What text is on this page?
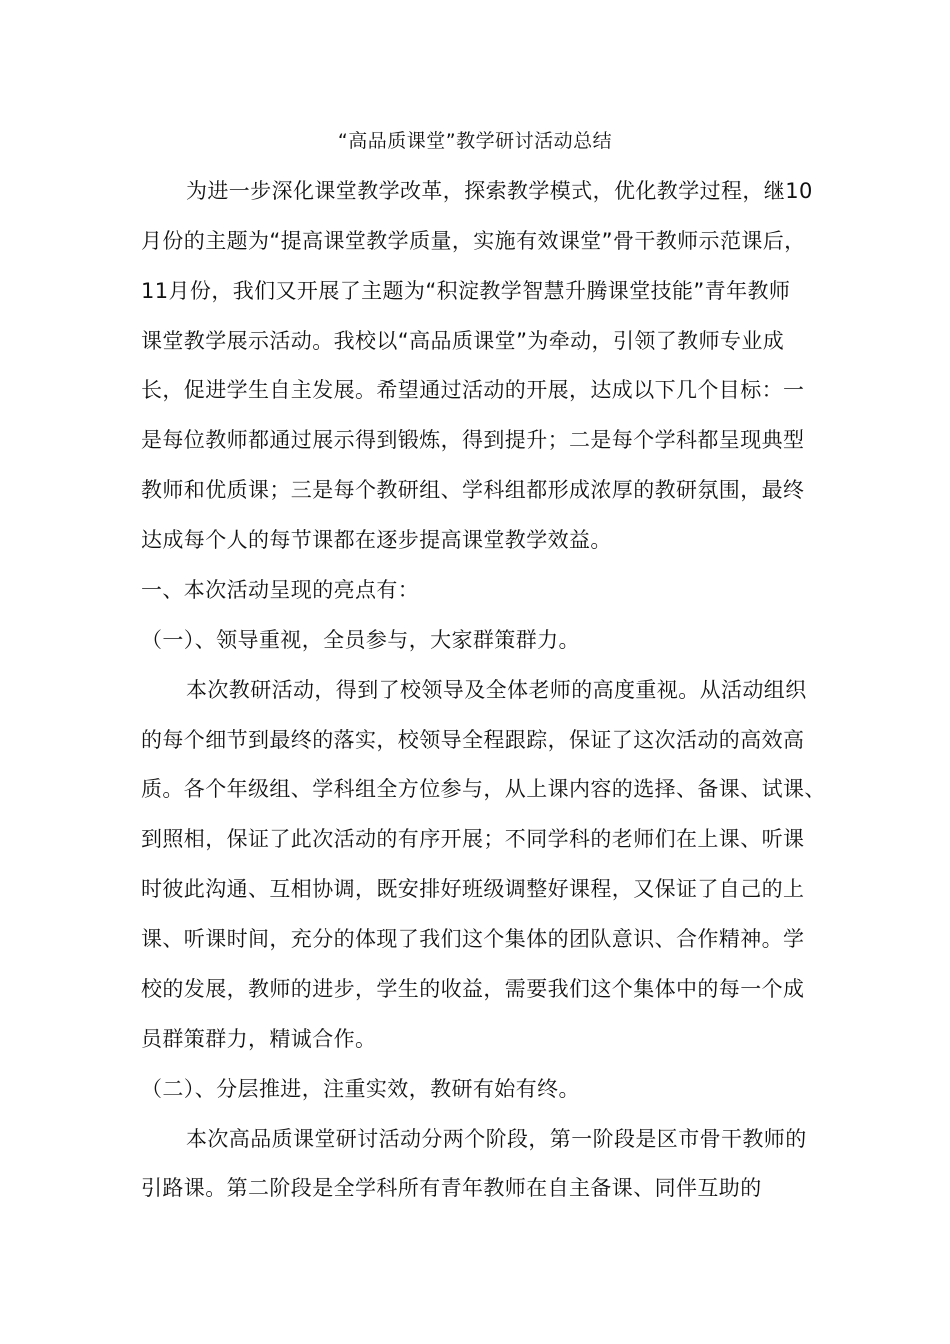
“高品质课堂”教学研讨活动总结
为进一步深化课堂教学改革，探索教学模式，优化教学过程，继10
月份的主题为“提高课堂教学质量，实施有效课堂”骨干教师示范课后，
11月份，我们又开展了主题为“积淀教学智慧升腾课堂技能”青年教师
课堂教学展示活动。我校以“高品质课堂”为牵动，引领了教师专业成
长，促进学生自主发展。希望通过活动的开展，达成以下几个目标：一
是每位教师都通过展示得到锻炼，得到提升；二是每个学科都呈现典型
教师和优质课；三是每个教研组、学科组都形成浓厚的教研氛围，最终
达成每个人的每节课都在逐步提高课堂教学效益。
一、本次活动呈现的亮点有：
（一）、领导重视，全员参与，大家群策群力。
本次教研活动，得到了校领导及全体老师的高度重视。从活动组织
的每个细节到最终的落实，校领导全程跟踪，保证了这次活动的高效高
质。各个年级组、学科组全方位参与，从上课内容的选择、备课、试课、
到照相，保证了此次活动的有序开展；不同学科的老师们在上课、听课
时彼此沟通、互相协调，既安排好班级调整好课程，又保证了自己的上
课、听课时间，充分的体现了我们这个集体的团队意识、合作精神。学
校的发展，教师的进步，学生的收益，需要我们这个集体中的每一个成
员群策群力，精诚合作。
（二）、分层推进，注重实效，教研有始有终。
本次高品质课堂研讨活动分两个阶段，第一阶段是区市骨干教师的
引路课。第二阶段是全学科所有青年教师在自主备课、同伴互助的
